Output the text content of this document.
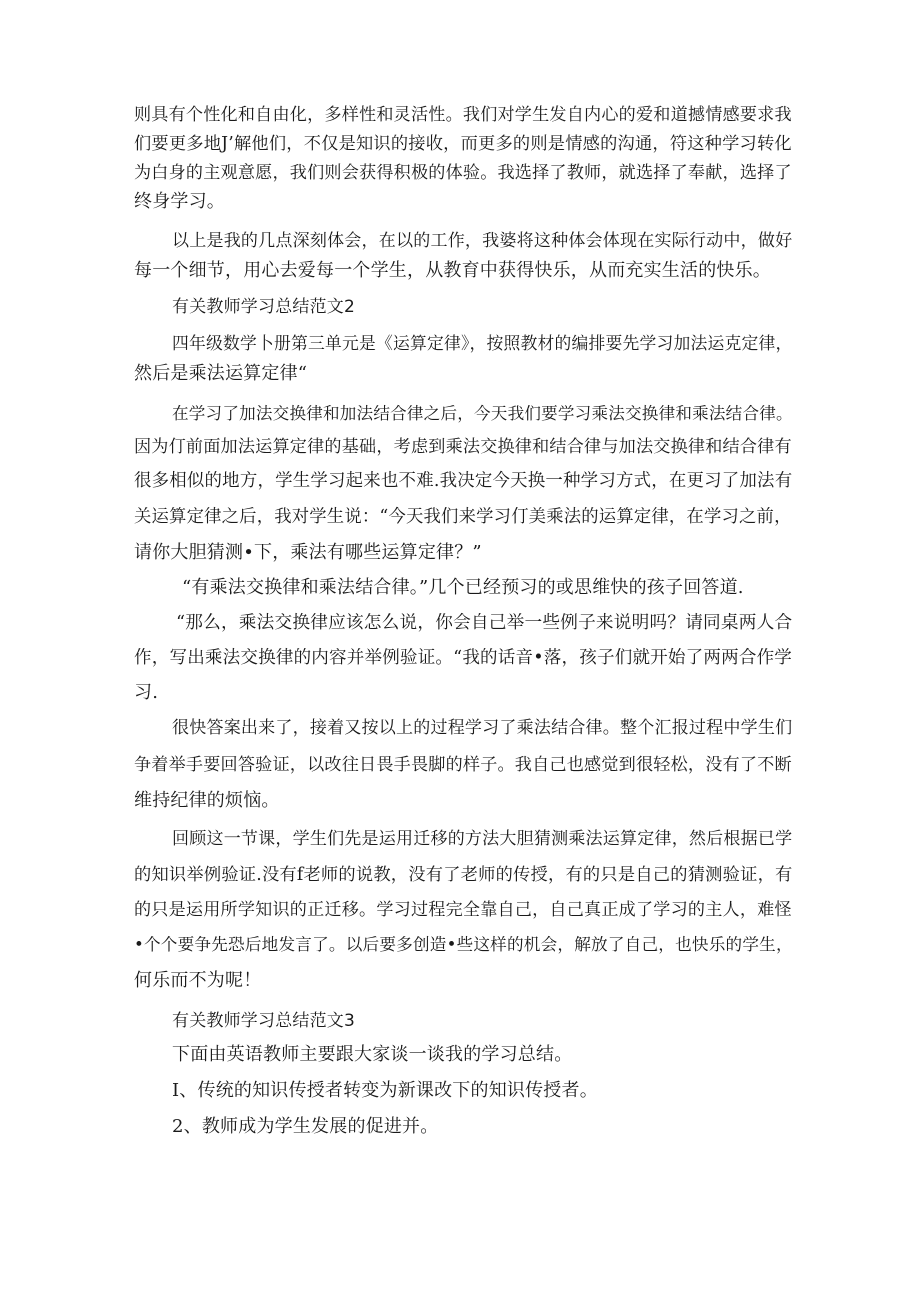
则具有个性化和自由化，多样性和灵活性。我们对学生发自内心的爱和道撼情感要求我
们要更多地J’解他们，不仅是知识的接收，而更多的则是情感的沟通，符这种学习转化
为白身的主观意愿，我们则会获得积极的体验。我选择了教师，就选择了奉献，选择了
终身学习。
以上是我的几点深刻体会，在以的工作，我婆将这种体会体现在实际行动中，做好
每一个细节，用心去爱每一个学生，从教育中获得快乐，从而充实生活的快乐。
有关教师学习总结范文2
四年级数学卜册第三单元是《运算定律》，按照教材的编排要先学习加法运克定律，
然后是乘法运算定律“
在学习了加法交换律和加法结合律之后，今天我们要学习乘法交换律和乘法结合律。
因为仃前面加法运算定律的基础，考虑到乘法交换律和结合律与加法交换律和结合律有
很多相似的地方，学生学习起来也不难.我决定今天换一种学习方式，在更习了加法有
关运算定律之后，我对学生说：“今天我们来学习仃美乘法的运算定律，在学习之前，
请你大胆猜测•下，乘法有哪些运算定律？”
“有乘法交换律和乘法结合律。”几个已经预习的或思维快的孩子回答道.
“那么，乘法交换律应该怎么说，你会自己举一些例子来说明吗？请同桌两人合
作，写出乘法交换律的内容并举例验证。“我的话音•落，孩子们就开始了两两合作学
习.
很快答案出来了，接着又按以上的过程学习了乘法结合律。整个汇报过程中学生们
争着举手要回答验证，以改往日畏手畏脚的样子。我自己也感觉到很轻松，没有了不断
维持纪律的烦恼。
回顾这一节课，学生们先是运用迁移的方法大胆猜测乘法运算定律，然后根据已学
的知识举例验证.没有f老师的说教，没有了老师的传授，有的只是自己的猜测验证，有
的只是运用所学知识的正迁移。学习过程完全靠自己，自己真正成了学习的主人，难怪
•个个要争先恐后地发言了。以后要多创造•些这样的机会，解放了自己，也快乐的学生，
何乐而不为呢！
有关教师学习总结范文3
下面由英语教师主要跟大家谈一谈我的学习总结。
I、传统的知识传授者转变为新课改下的知识传授者。
2、教师成为学生发展的促进并。
